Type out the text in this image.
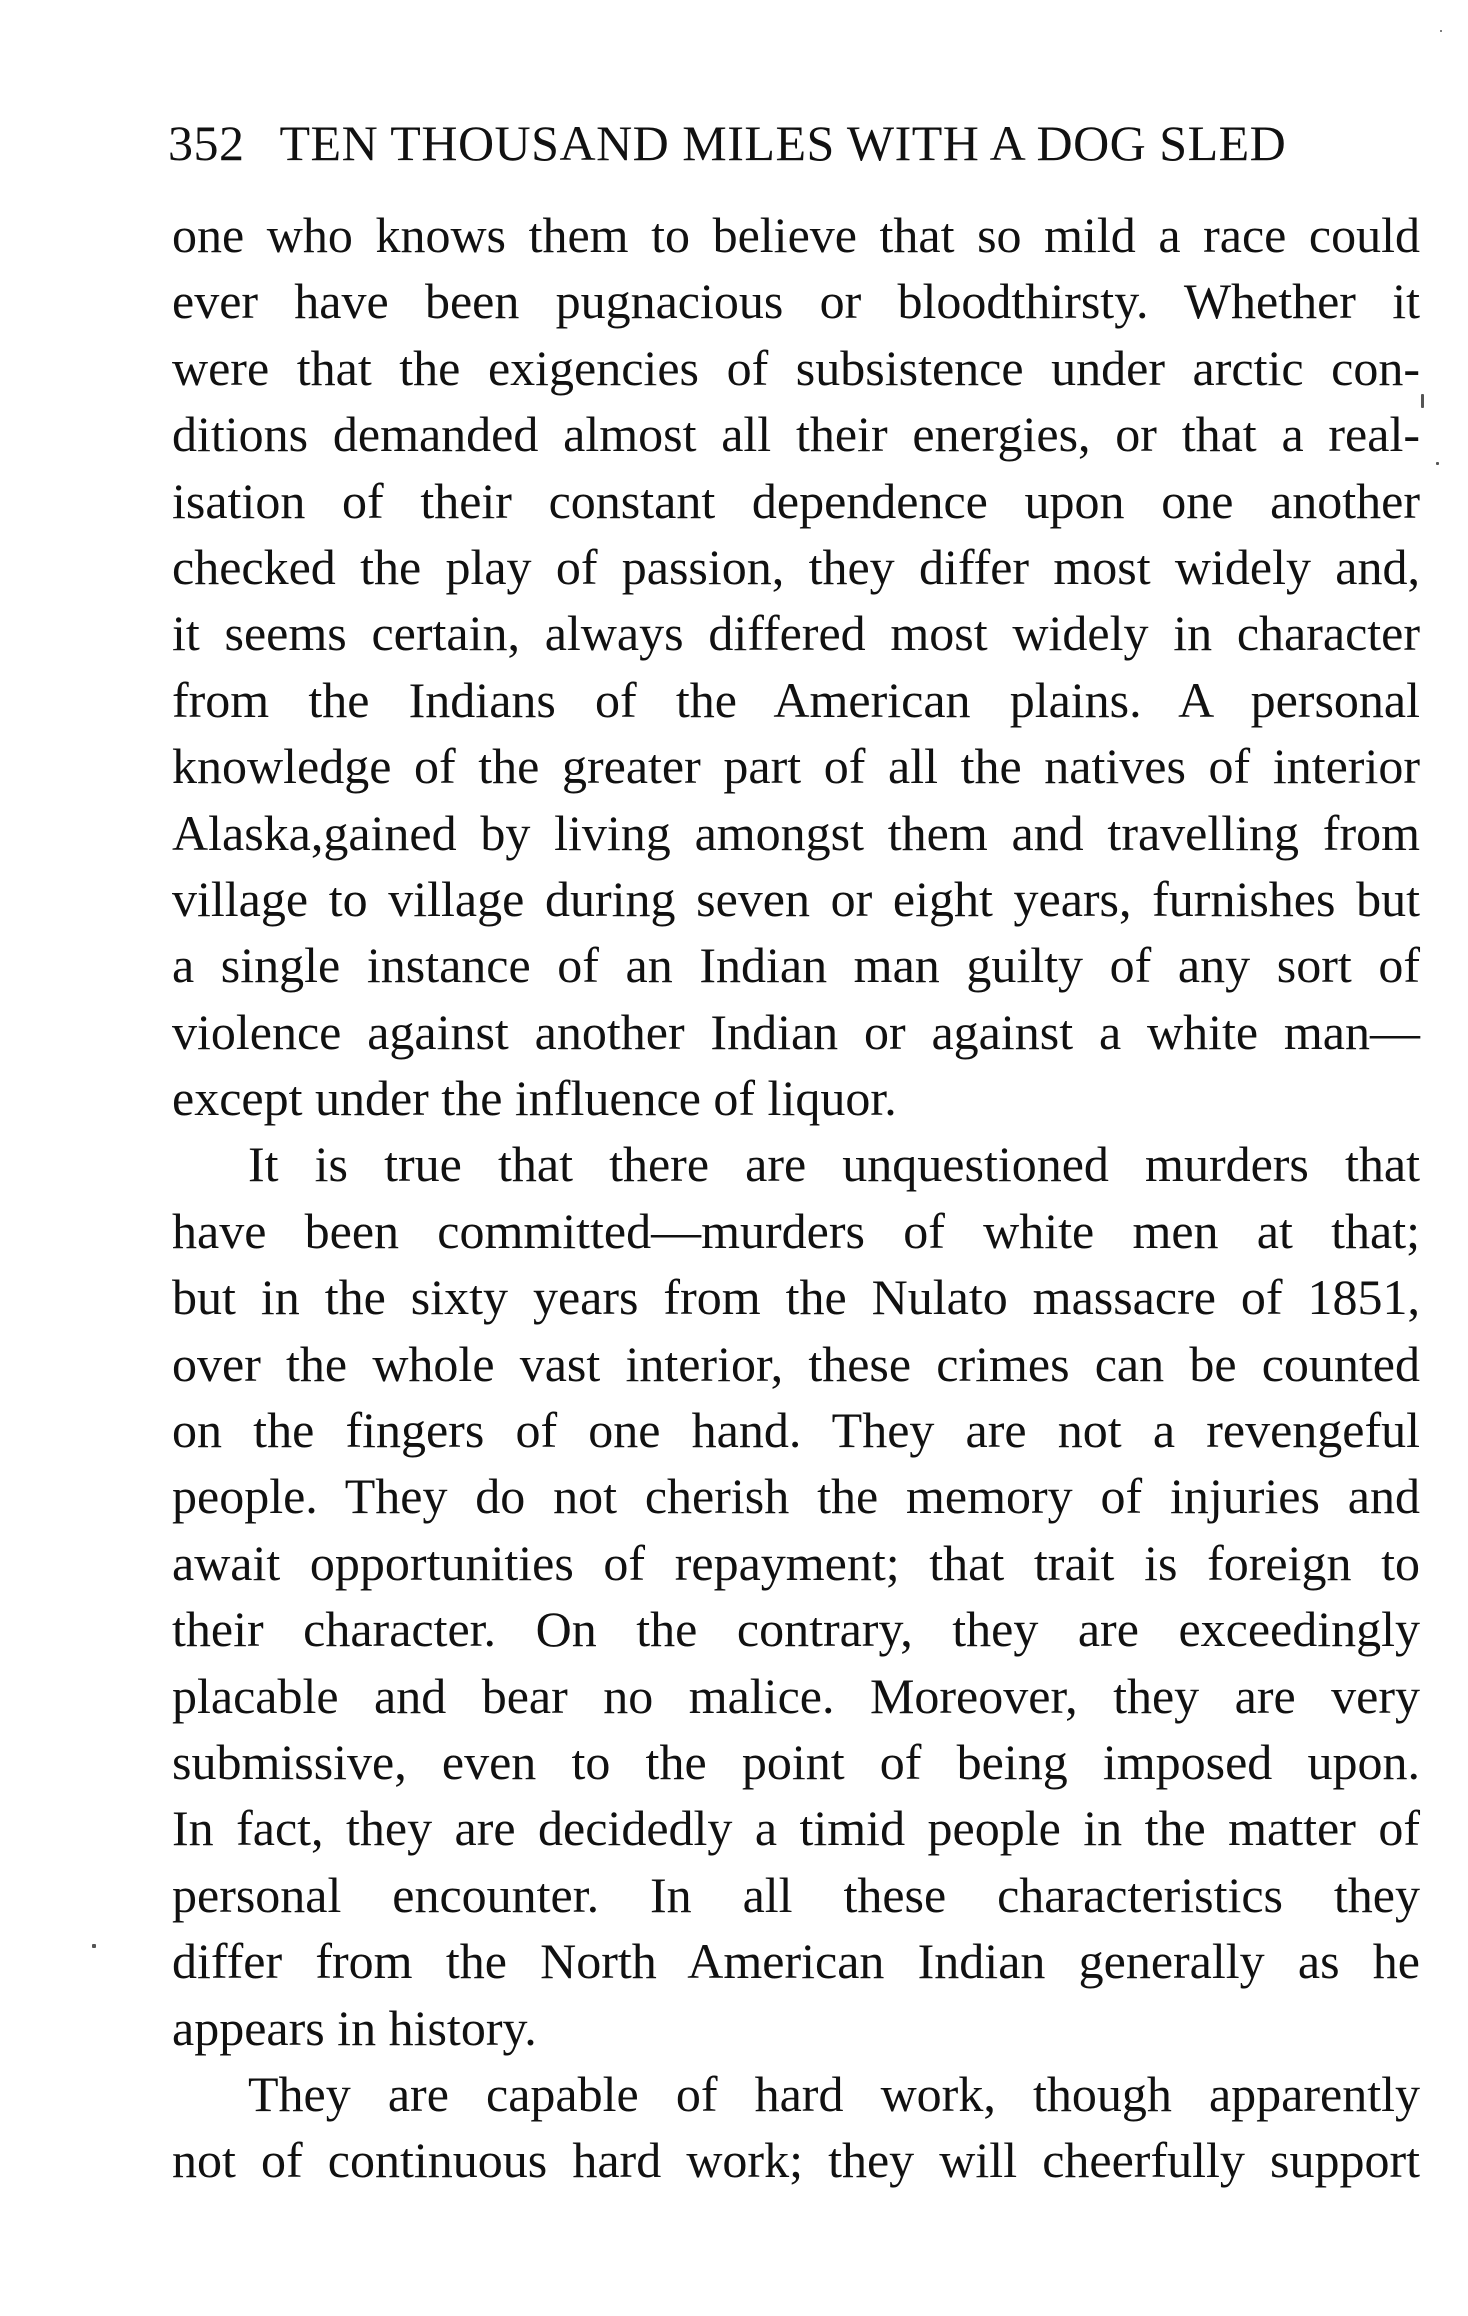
352 TEN THOUSAND MILES WITH A DOG SLED
one who knows them to believe that so mild a race could
ever have been pugnacious or bloodthirsty. Whether it
were that the exigencies of subsistence under arctic con-
ditions demanded almost all their energies, or that a real-
isation of their constant dependence upon one another
checked the play of passion, they differ most widely and,
it seems certain, always differed most widely in character
from the Indians of the American plains. A personal
knowledge of the greater part of all the natives of interior
Alaska,gained by living amongst them and travelling from
village to village during seven or eight years, furnishes but
a single instance of an Indian man guilty of any sort of
violence against another Indian or against a white man—
except under the influence of liquor.
It is true that there are unquestioned murders that
have been committed—murders of white men at that;
but in the sixty years from the Nulato massacre of 1851,
over the whole vast interior, these crimes can be counted
on the fingers of one hand. They are not a revengeful
people. They do not cherish the memory of injuries and
await opportunities of repayment; that trait is foreign to
their character. On the contrary, they are exceedingly
placable and bear no malice. Moreover, they are very
submissive, even to the point of being imposed upon.
In fact, they are decidedly a timid people in the matter of
personal encounter. In all these characteristics they
differ from the North American Indian generally as he
appears in history.
They are capable of hard work, though apparently
not of continuous hard work; they will cheerfully support
